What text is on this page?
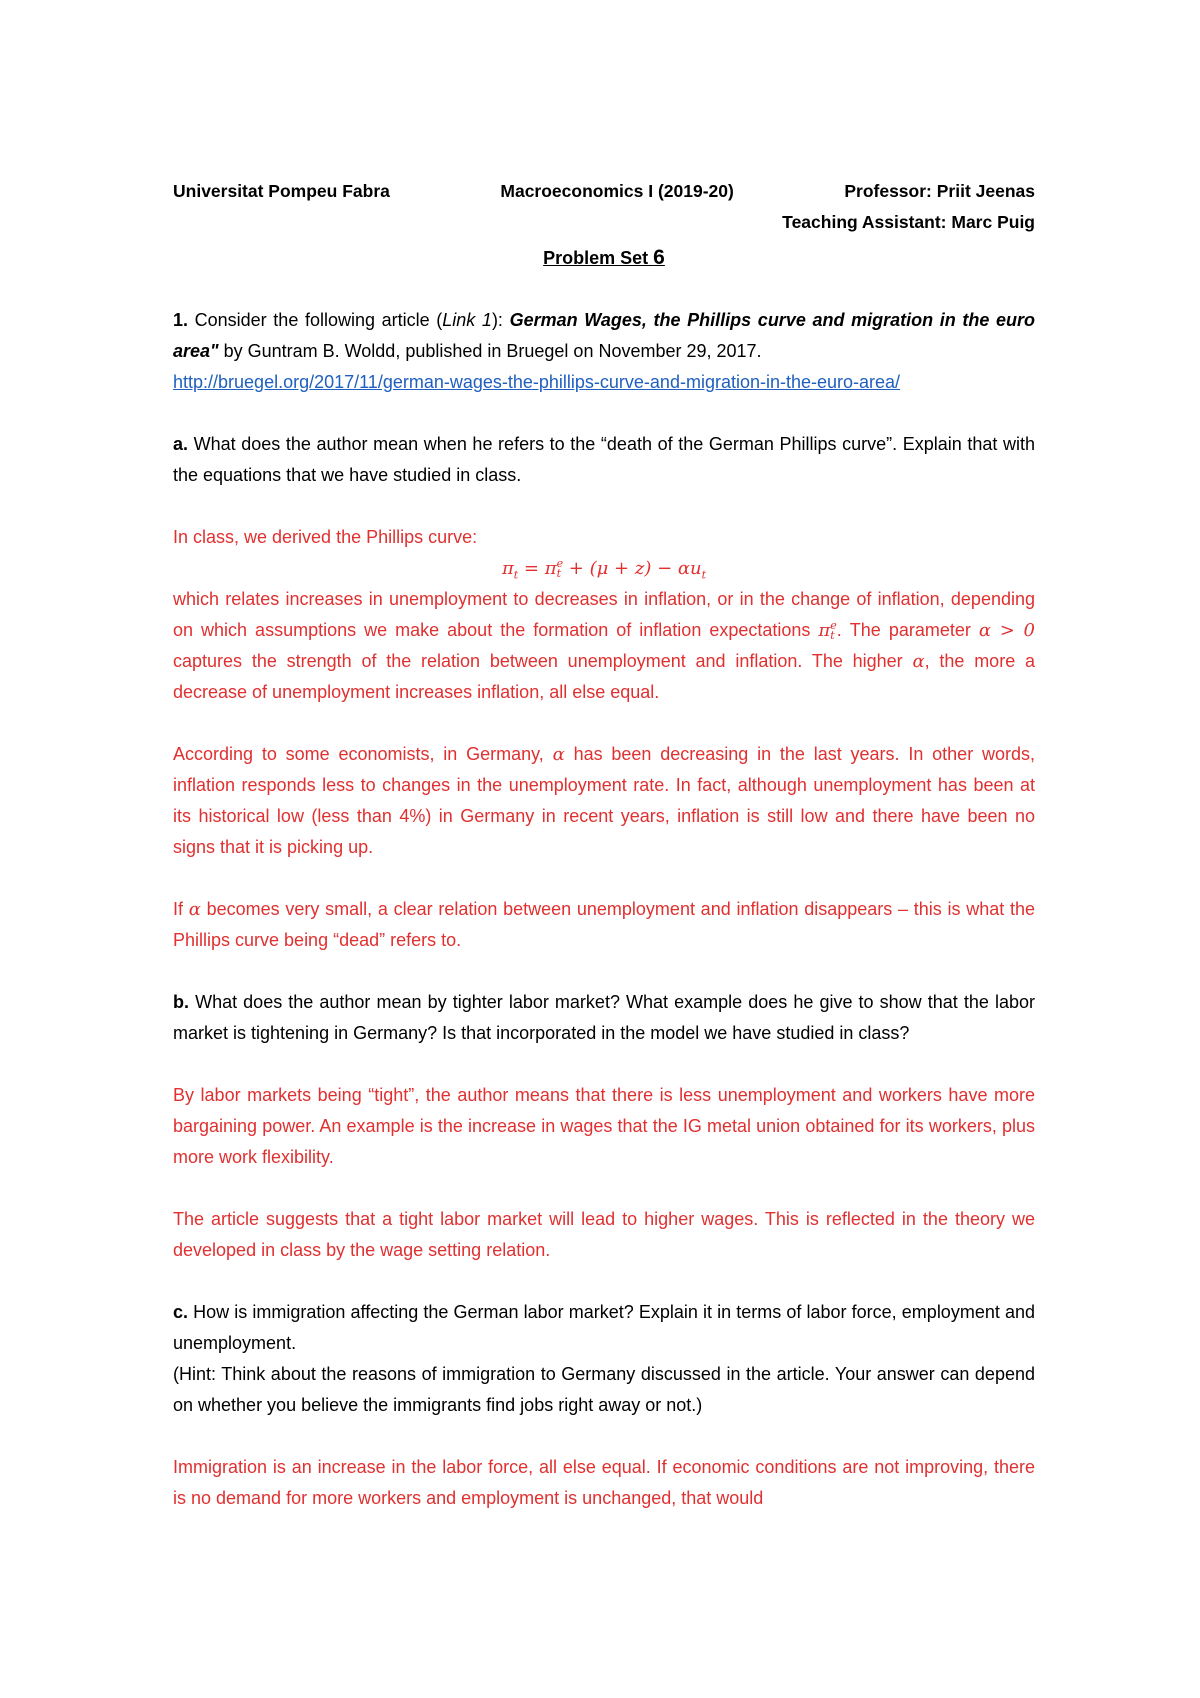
Universitat Pompeu Fabra	Macroeconomics I (2019-20)	Professor: Priit Jeenas
Teaching Assistant: Marc Puig
Problem Set 6

1. Consider the following article (Link 1): German Wages, the Phillips curve and migration in the euro area" by Guntram B. Woldd, published in Bruegel on November 29, 2017.

http://bruegel.org/2017/11/german-wages-the-phillips-curve-and-migration-in-the-euro-area/

a. What does the author mean when he refers to the “death of the German Phillips curve”. Explain that with the equations that we have studied in class.

In class, we derived the Phillips curve:
$\pi_t = \pi$ e
$t + (\mu + z) - \alpha u_t$

which relates increases in unemployment to decreases in inflation, or in the change of inflation, depending on which assumptions we make about the formation of inflation expectations π e
t . The parameter α > 0 captures the strength of the relation between unemployment and inflation. The higher α, the more a decrease of unemployment increases inflation, all else equal.

According to some economists, in Germany, α has been decreasing in the last years. In other words, inflation responds less to changes in the unemployment rate. In fact, although unemployment has been at its historical low (less than 4%) in Germany in recent years, inflation is still low and there have been no signs that it is picking up.

If α becomes very small, a clear relation between unemployment and inflation disappears – this is what the Phillips curve being “dead” refers to.

b. What does the author mean by tighter labor market? What example does he give to show that the labor market is tightening in Germany? Is that incorporated in the model we have studied in class?

By labor markets being “tight”, the author means that there is less unemployment and workers have more bargaining power. An example is the increase in wages that the IG metal union obtained for its workers, plus more work flexibility.

The article suggests that a tight labor market will lead to higher wages. This is reflected in the theory we developed in class by the wage setting relation.

c. How is immigration affecting the German labor market? Explain it in terms of labor force, employment and unemployment.

(Hint: Think about the reasons of immigration to Germany discussed in the article. Your answer can depend on whether you believe the immigrants find jobs right away or not.)

Immigration is an increase in the labor force, all else equal. If economic conditions are not improving, there is no demand for more workers and employment is unchanged, that would
